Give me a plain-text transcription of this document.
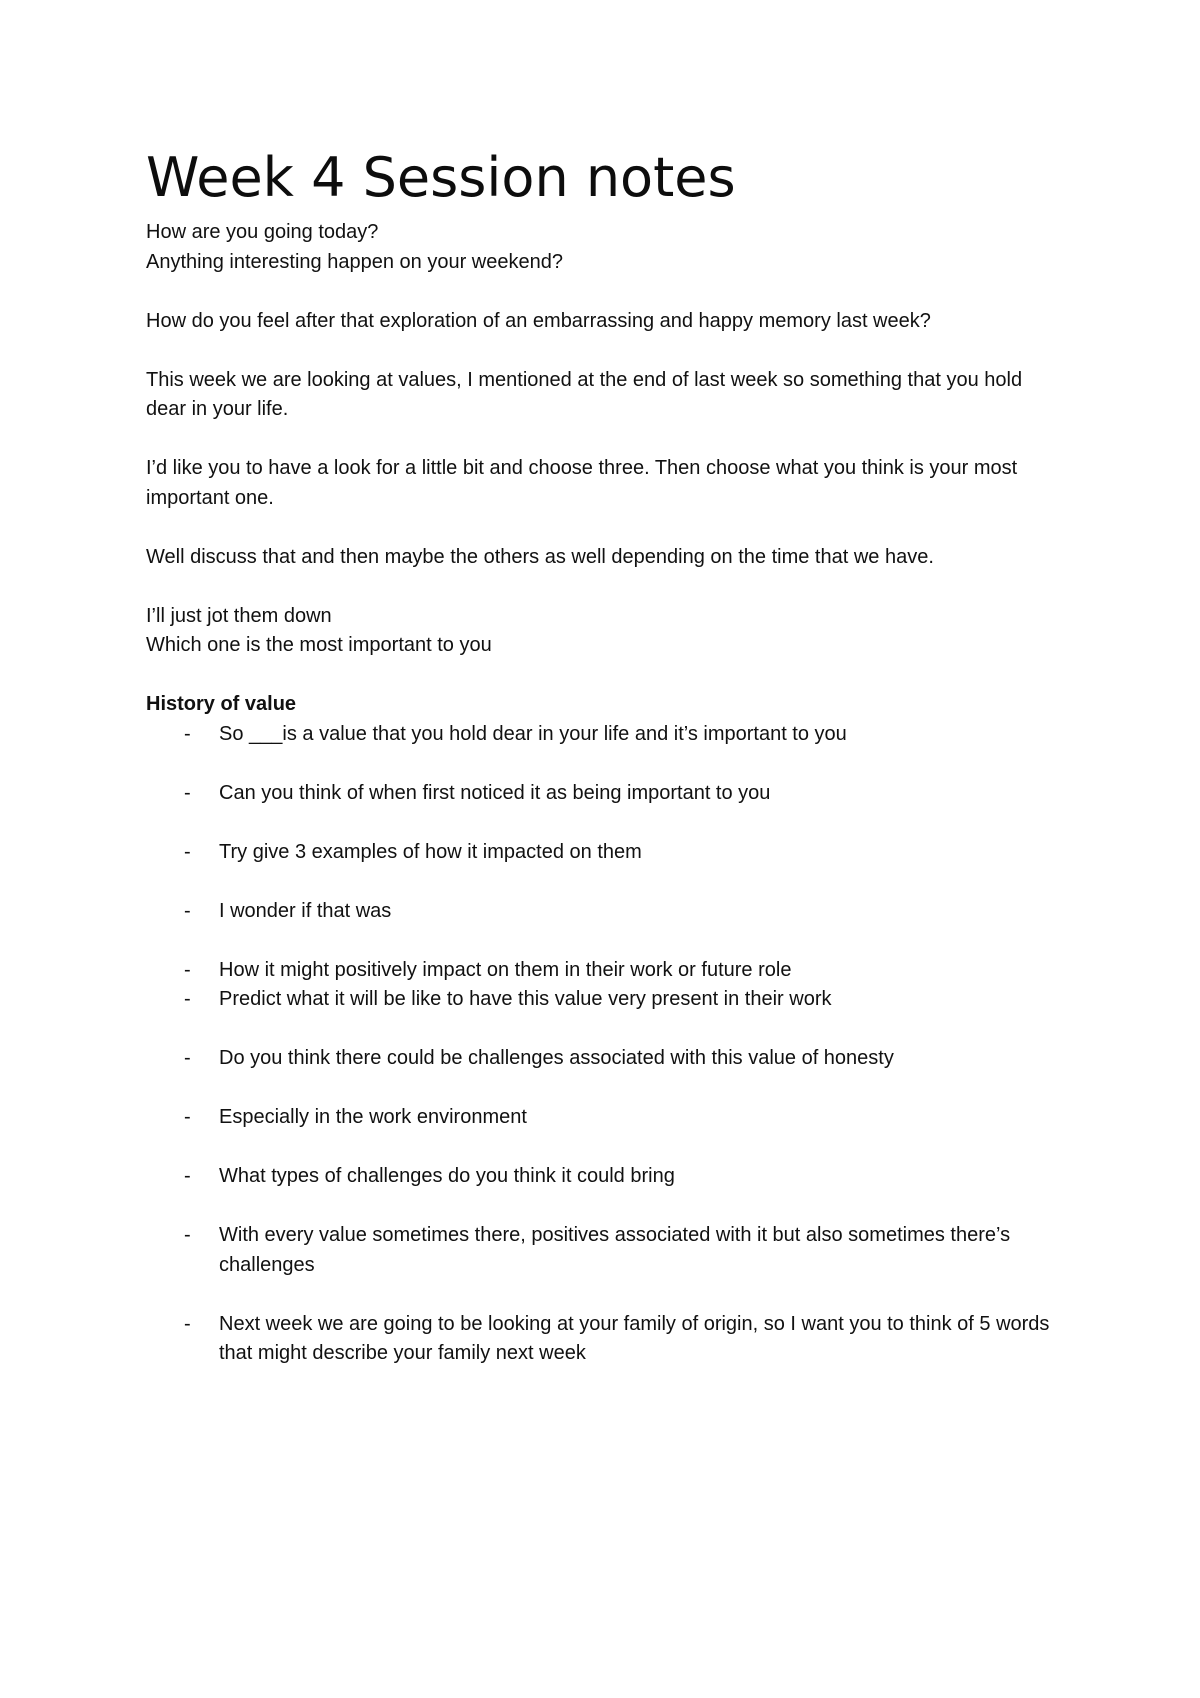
Week 4 Session notes

How are you going today?

Anything interesting happen on your weekend?

How do you feel after that exploration of an embarrassing and happy memory last week?

This week we are looking at values, I mentioned at the end of last week so something that you hold dear in your life.

I’d like you to have a look for a little bit and choose three. Then choose what you think is your most important one.

Well discuss that and then maybe the others as well depending on the time that we have.

I’ll just jot them down

Which one is the most important to you

History of value

- So ___is a value that you hold dear in your life and it’s important to you
- Can you think of when first noticed it as being important to you
- Try give 3 examples of how it impacted on them
- I wonder if that was
- How it might positively impact on them in their work or future role
- Predict what it will be like to have this value very present in their work
- Do you think there could be challenges associated with this value of honesty
- Especially in the work environment
- What types of challenges do you think it could bring
- With every value sometimes there, positives associated with it but also sometimes there’s challenges
- Next week we are going to be looking at your family of origin, so I want you to think of 5 words that might describe your family next week
